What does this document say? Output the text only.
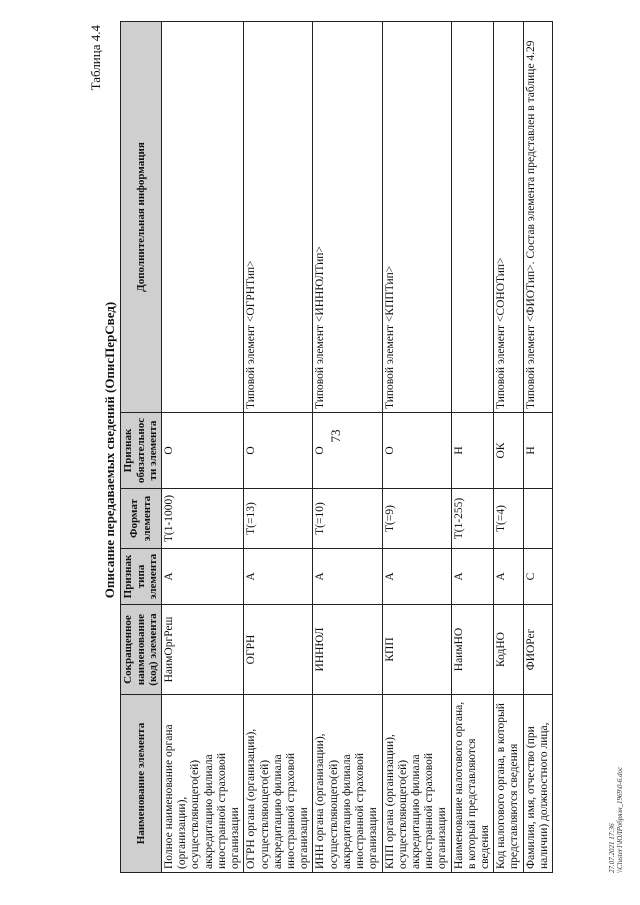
73
Таблица 4.4
Описание передаваемых сведений (ОписПерСвед)
Наименование элемента	Сокращенное наименование (код) элемента	Признак типа элемента	Формат элемента	Признак обязательности элемента	Дополнительная информация
Полное наименование органа (организации), осуществляющего(ей) аккредитацию филиала иностранной страховой организации	НаимОргРеш	А	T(1-1000)	О	
ОГРН органа (организации), осуществляющего(ей) аккредитацию филиала иностранной страховой организации	ОГРН	А	T(=13)	О	Типовой элемент <ОГРНТип>
ИНН органа (организации), осуществляющего(ей) аккредитацию филиала иностранной страховой организации	ИННЮЛ	А	T(=10)	О	Типовой элемент <ИННЮЛТип>
КПП органа (организации), осуществляющего(ей) аккредитацию филиала иностранной страховой организации	КПП	А	T(=9)	О	Типовой элемент <КППТип>
Наименование налогового органа, в который представляются сведения	НаимНО	А	T(1-255)	Н	
Код налогового органа, в который представляются сведения	КодНО	А	T(=4)	ОК	Типовой элемент <СОНОТип>
Фамилия, имя, отчество (при наличии) должностного лица,	ФИОРег	С		Н	Типовой элемент <ФИОТип>. Состав элемента представлен в таблице 4.29
27.07.2021 17:36 \\Cluster1\ЮЛРобрязн_1969\0-6.doc
